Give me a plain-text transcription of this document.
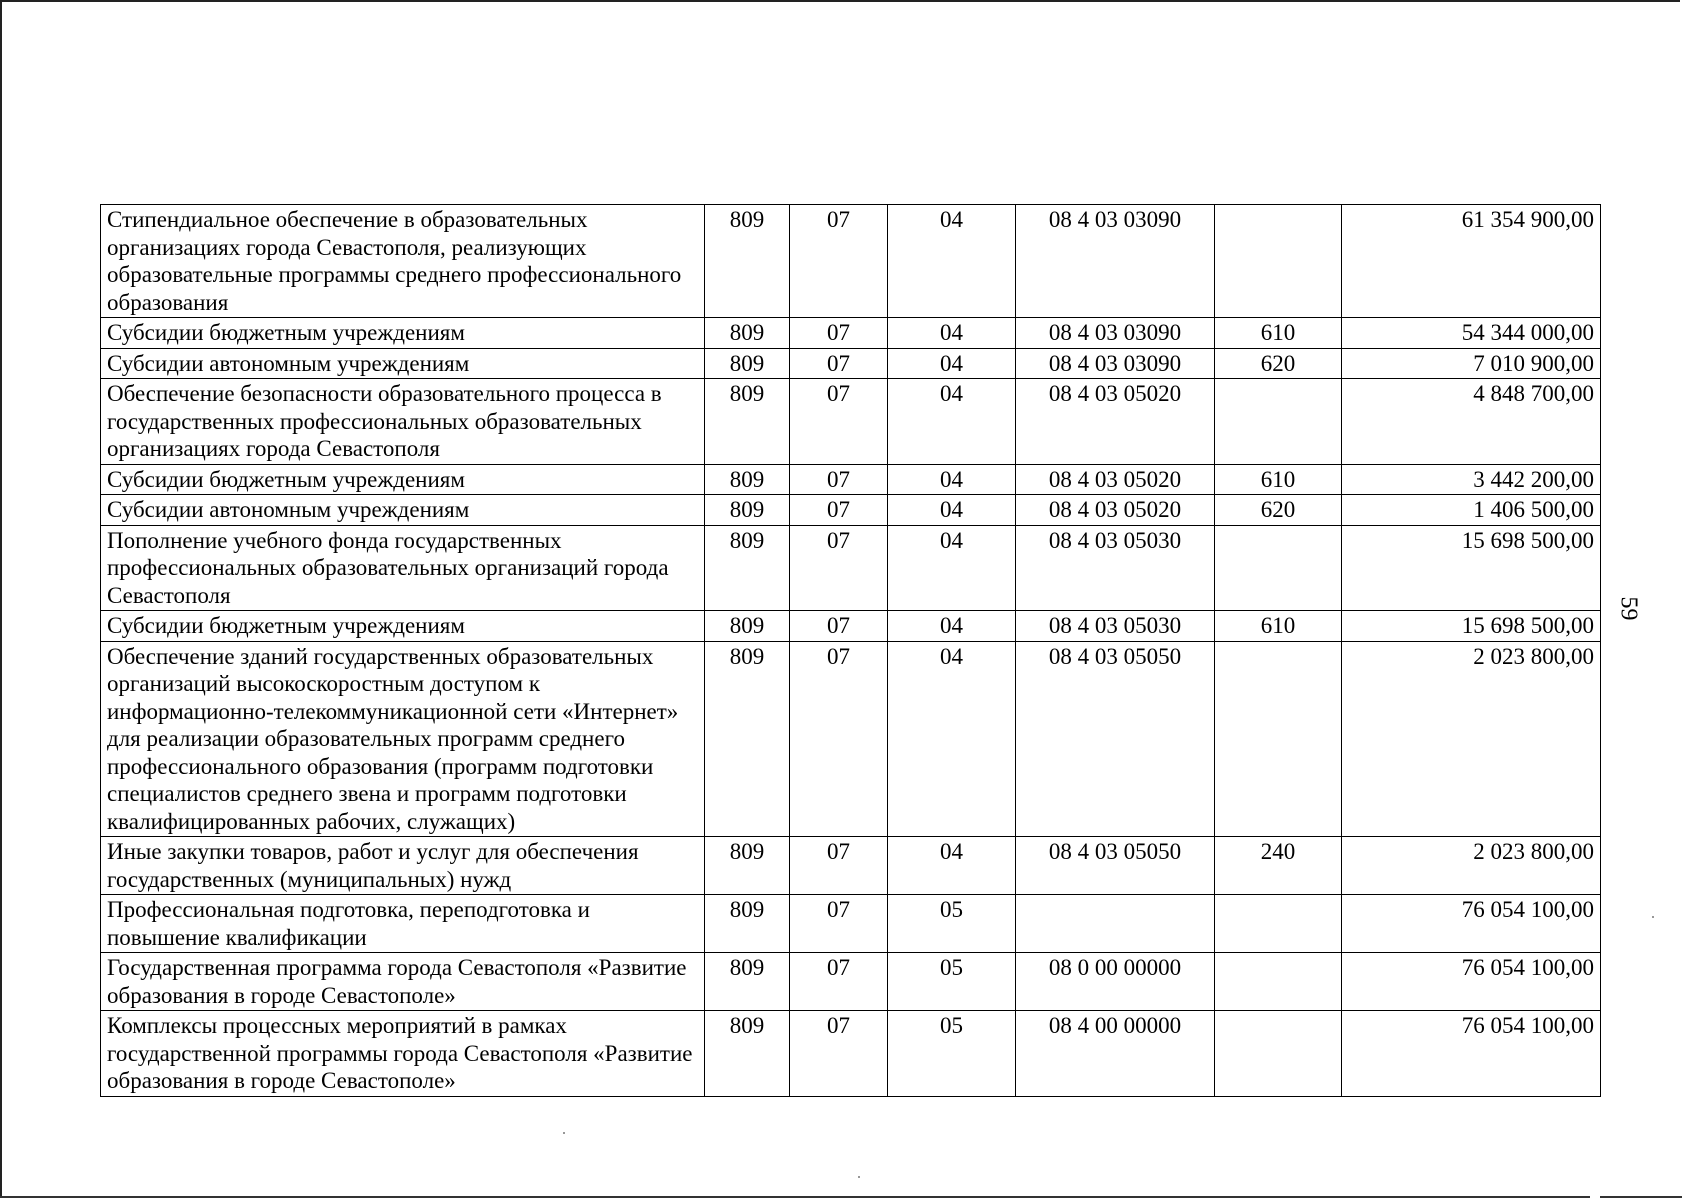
Стипендиальное обеспечение в образовательных организациях города Севастополя, реализующих образовательные программы среднего профессионального образования	809	07	04	08 4 03 03090		61 354 900,00
Субсидии бюджетным учреждениям	809	07	04	08 4 03 03090	610	54 344 000,00
Субсидии автономным учреждениям	809	07	04	08 4 03 03090	620	7 010 900,00
Обеспечение безопасности образовательного процесса в государственных профессиональных образовательных организациях города Севастополя	809	07	04	08 4 03 05020		4 848 700,00
Субсидии бюджетным учреждениям	809	07	04	08 4 03 05020	610	3 442 200,00
Субсидии автономным учреждениям	809	07	04	08 4 03 05020	620	1 406 500,00
Пополнение учебного фонда государственных профессиональных образовательных организаций города Севастополя	809	07	04	08 4 03 05030		15 698 500,00
Субсидии бюджетным учреждениям	809	07	04	08 4 03 05030	610	15 698 500,00
Обеспечение зданий государственных образовательных организаций высокоскоростным доступом к информационно-телекоммуникационной сети «Интернет» для реализации образовательных программ среднего профессионального образования (программ подготовки специалистов среднего звена и программ подготовки квалифицированных рабочих, служащих)	809	07	04	08 4 03 05050		2 023 800,00
Иные закупки товаров, работ и услуг для обеспечения государственных (муниципальных) нужд	809	07	04	08 4 03 05050	240	2 023 800,00
Профессиональная подготовка, переподготовка и повышение квалификации	809	07	05			76 054 100,00
Государственная программа города Севастополя «Развитие образования в городе Севастополе»	809	07	05	08 0 00 00000		76 054 100,00
Комплексы процессных мероприятий в рамках государственной программы города Севастополя «Развитие образования в городе Севастополе»	809	07	05	08 4 00 00000		76 054 100,00
59
